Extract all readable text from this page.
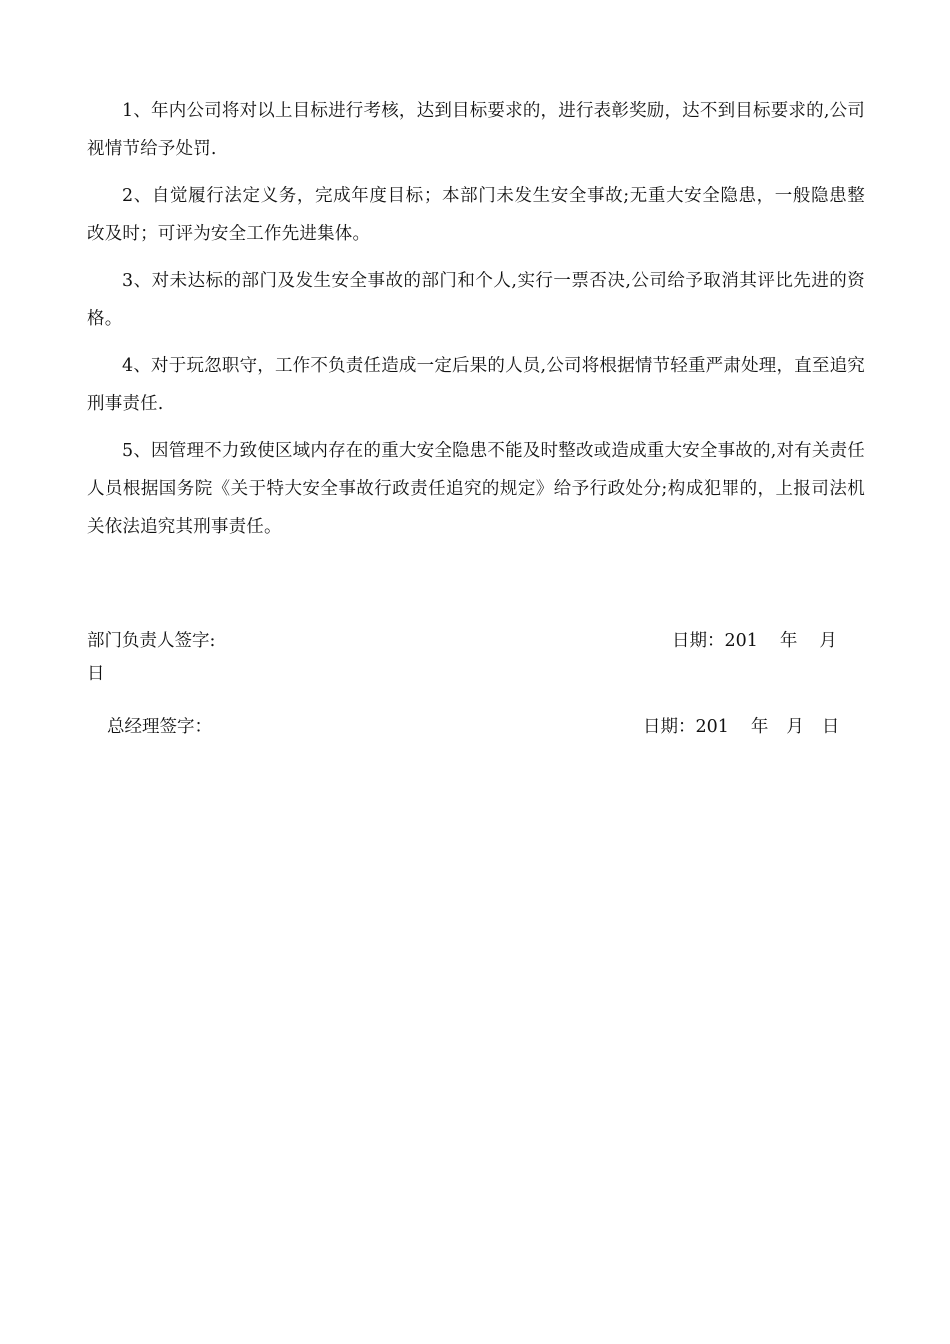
1、年内公司将对以上目标进行考核，达到目标要求的，进行表彰奖励，达不到目标要求的,公司视情节给予处罚.

2、自觉履行法定义务，完成年度目标；本部门未发生安全事故;无重大安全隐患，一般隐患整改及时；可评为安全工作先进集体。

3、对未达标的部门及发生安全事故的部门和个人,实行一票否决,公司给予取消其评比先进的资格。

4、对于玩忽职守，工作不负责任造成一定后果的人员,公司将根据情节轻重严肃处理，直至追究刑事责任.

5、因管理不力致使区域内存在的重大安全隐患不能及时整改或造成重大安全事故的,对有关责任人员根据国务院《关于特大安全事故行政责任追究的规定》给予行政处分;构成犯罪的，上报司法机关依法追究其刑事责任。

部门负责人签字:	日期：201 年 月
日
总经理签字：	日期：201 年 月 日
